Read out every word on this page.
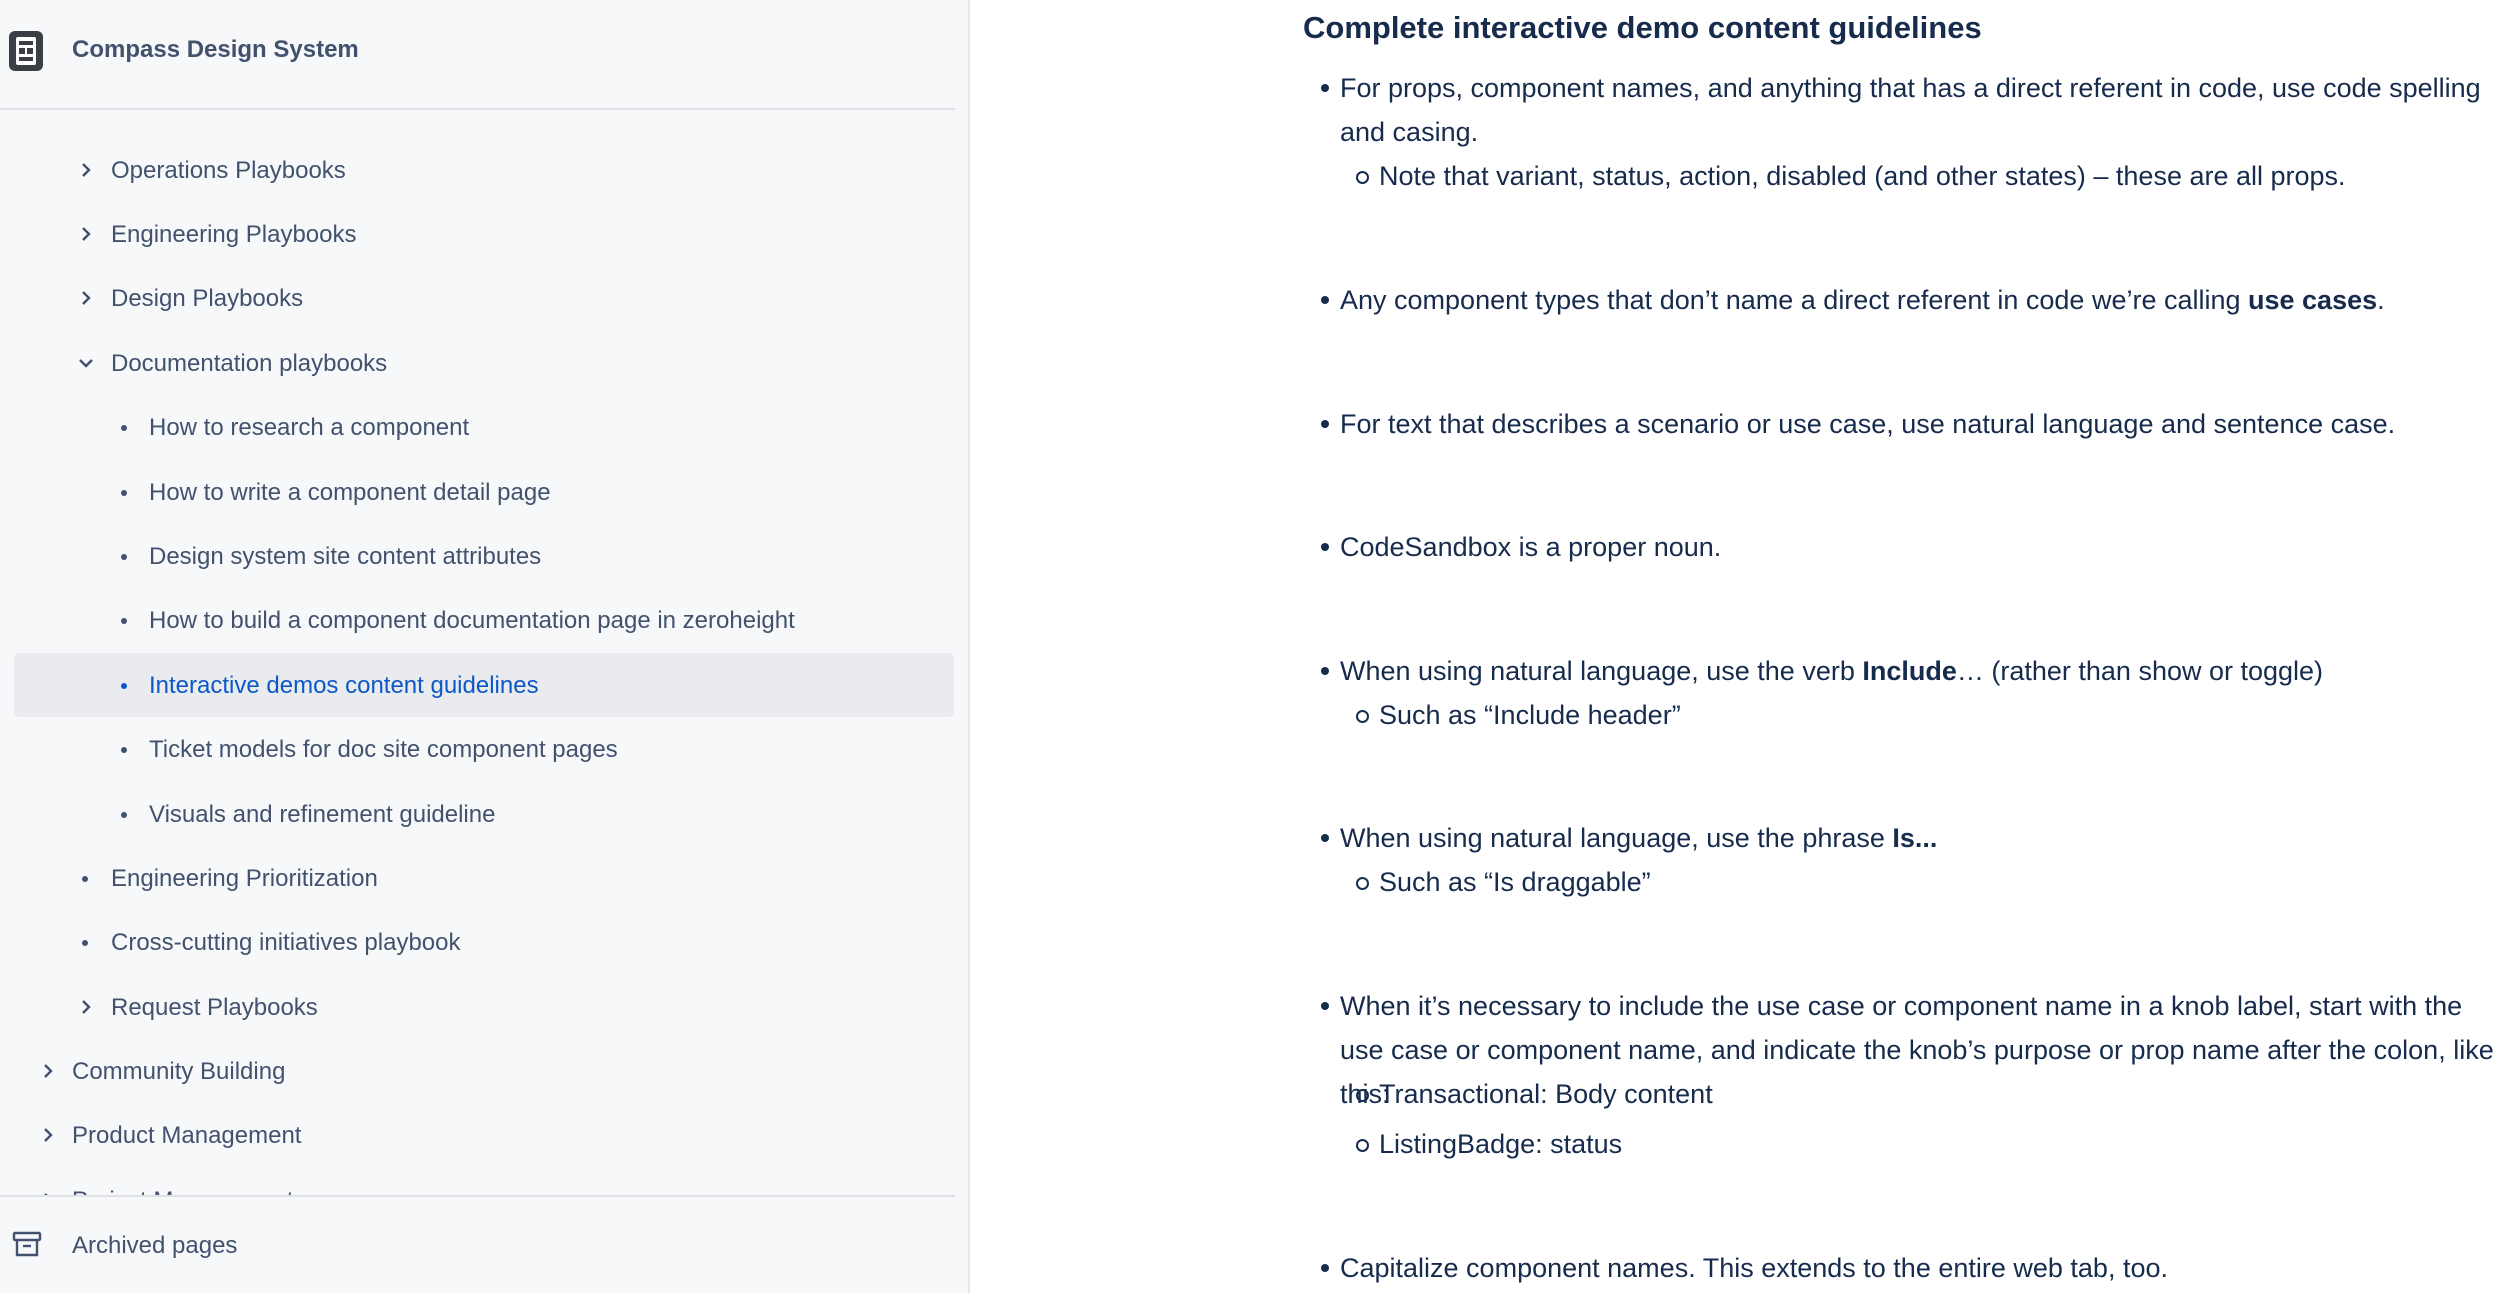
Operations Playbooks
Engineering Playbooks
Design Playbooks
Documentation playbooks
How to research a component
How to write a component detail page
Design system site content attributes
How to build a component documentation page in zeroheight
Interactive demos content guidelines
Ticket models for doc site component pages
Visuals and refinement guideline
Engineering Prioritization
Cross-cutting initiatives playbook
Request Playbooks
Community Building
Product Management
Compass Design System
Archived pages
Complete interactive demo content guidelines
For props, component names, and anything that has a direct referent in code, use code spelling and casing.
Note that variant, status, action, disabled (and other states) – these are all props.
Any component types that don’t name a direct referent in code we’re calling use cases.
For text that describes a scenario or use case, use natural language and sentence case.
CodeSandbox is a proper noun.
When using natural language, use the verb Include… (rather than show or toggle)
Such as “Include header”
When using natural language, use the phrase Is...
Such as “Is draggable”
When it’s necessary to include the use case or component name in a knob label, start with the use case or component name, and indicate the knob’s purpose or prop name after the colon, like this:
Transactional: Body content
ListingBadge: status
Capitalize component names. This extends to the entire web tab, too.
